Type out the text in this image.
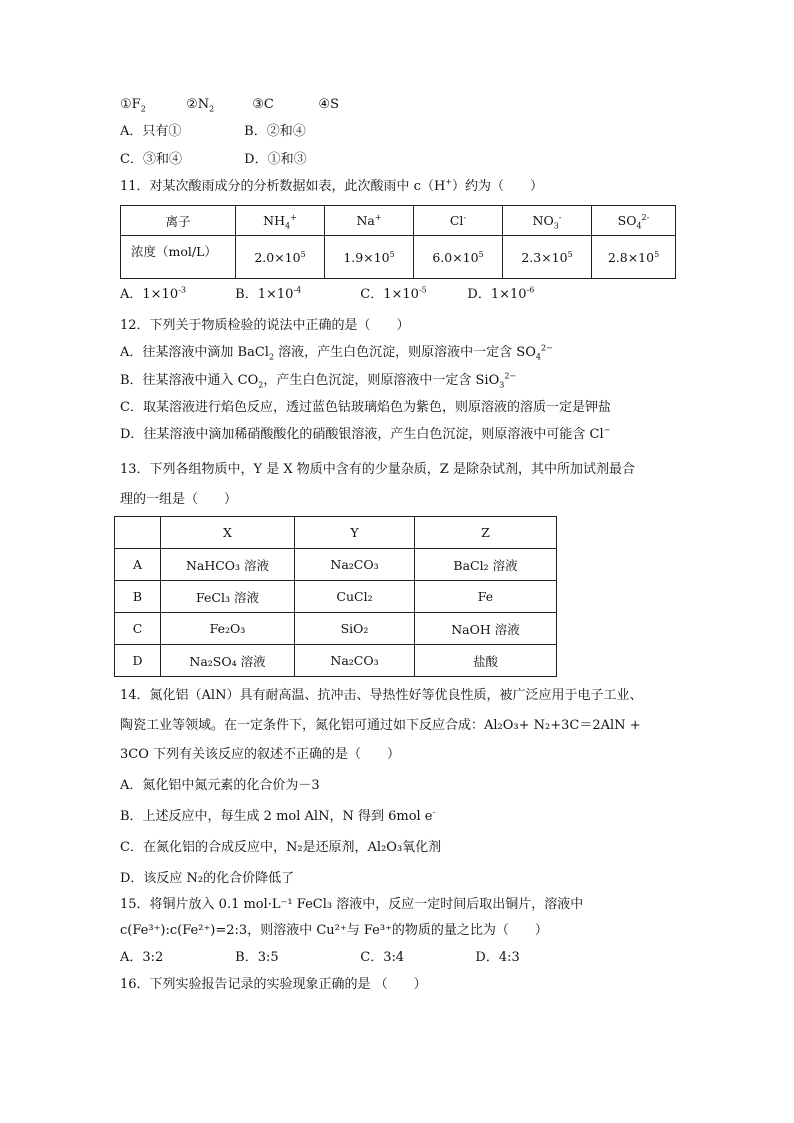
$①F_2$	$②N_2$	③C	④S
A．只有①	B．②和④
C．③和④	D．①和③
11．对某次酸雨成分的分析数据如表，此次酸雨中 c（H+）约为（　　）
离子	$NH_4^+$	Na+	Cl-	$NO_3^-$	$SO_4^{2-}$
浓度（mol/L）	$2.0\times 10^5$	$1.9\times 10^5$	$6.0\times 10^5$	$2.3\times 10^5$	$2.8\times 10^5$
A．$1\times 10^{-3}$	B．$1\times 10^{-4}$	C．$1\times 10^{-5}$	D．$1\times 10^{-6}$
12．下列关于物质检验的说法中正确的是（　　）
A．往某溶液中滴加 BaCl$_2$ 溶液，产生白色沉淀，则原溶液中一定含 $SO_4^{2-}$
B．往某溶液中通入 $CO_2$，产生白色沉淀，则原溶液中一定含 SiO$_3^{2-}$
C．取某溶液进行焰色反应，透过蓝色钴玻璃焰色为紫色，则原溶液的溶质一定是钾盐
D．往某溶液中滴加稀硝酸酸化的硝酸银溶液，产生白色沉淀，则原溶液中可能含 Cl−
13．下列各组物质中，Y 是 X 物质中含有的少量杂质，Z 是除杂试剂，其中所加试剂最合
理的一组是（　　）
	X	Y	Z
A	NaHCO₃ 溶液	Na₂CO₃	BaCl₂ 溶液
B	FeCl₃ 溶液	CuCl₂	Fe
C	Fe₂O₃	SiO₂	NaOH 溶液
D	Na₂SO₄ 溶液	Na₂CO₃	盐酸
14．氮化铝（AlN）具有耐高温、抗冲击、导热性好等优良性质，被广泛应用于电子工业、
陶瓷工业等领域。在一定条件下，氮化铝可通过如下反应合成：Al₂O₃+ N₂+3C＝2AlN +
3CO 下列有关该反应的叙述不正确的是（　　）
A．氮化铝中氮元素的化合价为－3
B．上述反应中，每生成 2 mol AlN，N 得到 6mol e-
C．在氮化铝的合成反应中，N₂是还原剂，Al₂O₃氧化剂
D．该反应 N₂的化合价降低了
15．将铜片放入 0.1 mol·L⁻¹ FeCl₃ 溶液中，反应一定时间后取出铜片，溶液中
c(Fe³⁺):c(Fe²⁺)=2:3，则溶液中 Cu²⁺与 Fe³⁺的物质的量之比为（　　）
A．3:2	B．3:5	C．3:4	D．4:3
16．下列实验报告记录的实验现象正确的是 （　　）
